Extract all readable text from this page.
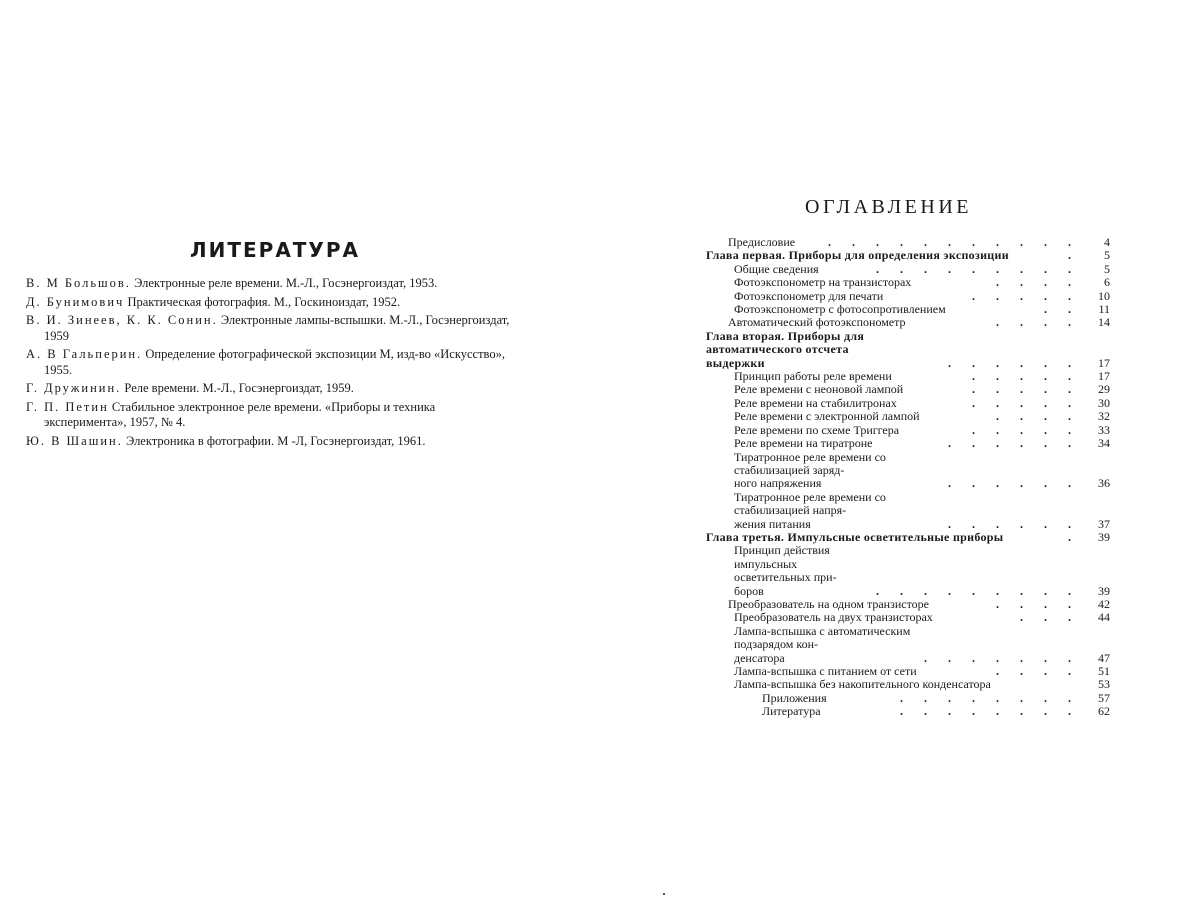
ЛИТЕРАТУРА
В. М Большов. Электронные реле времени. М.-Л., Госэнергоиздат, 1953.
Д. Бунимович Практическая фотография. М., Госкиноиздат, 1952.
В. И. Зинеев, К. К. Сонин. Электронные лампы-вспышки. М.-Л., Госэнергоиздат, 1959
А. В Гальперин. Определение фотографической экспозиции М, изд-во «Искусство», 1955.
Г. Дружинин. Реле времени. М.-Л., Госэнергоиздат, 1959.
Г. П. Петин Стабильное электронное реле времени. «Приборы и техника эксперимента», 1957, № 4.
Ю. В Шашин. Электроника в фотографии. М -Л, Госэнергоиздат, 1961.
ОГЛАВЛЕНИЕ
Предисловие	. . . . . . . . . . .	4
Глава первая. Приборы для определения экспозиции	.	5
Общие сведения	. . . . . . . . .	5
Фотоэкспонометр на транзисторах	. . . .	6
Фотоэкспонометр для печати	. . . . .	10
Фотоэкспонометр с фотосопротивлением	. .	11
Автоматический фотоэкспонометр	. . . .	14
Глава вторая. Приборы для автоматического отсчета
выдержки	. . . . . .	17
Принцип работы реле времени	. . . . .	17
Реле времени с неоновой лампой	. . . . .	29
Реле времени на стабилитронах	. . . . .	30
Реле времени с электронной лампой	. . . .	32
Реле времени по схеме Триггера	. . . . .	33
Реле времени на тиратроне	. . . . . .	34
Тиратронное реле времени со стабилизацией заряд-
ного напряжения	. . . . . .	36
Тиратронное реле времени со стабилизацией напря-
жения питания	. . . . . .	37
Глава третья. Импульсные осветительные приборы	.	39
Принцип действия импульсных осветительных при-
боров	. . . . . . . . .	39
Преобразователь на одном транзисторе	. . . .	42
Преобразователь на двух транзисторах	. . .	44
Лампа-вспышка с автоматическим подзарядом кон-
денсатора	. . . . . . .	47
Лампа-вспышка с питанием от сети	. . . .	51
Лампа-вспышка без накопительного конденсатора	53
Приложения	. . . . . . . .	57
Литература	. . . . . . . .	62
